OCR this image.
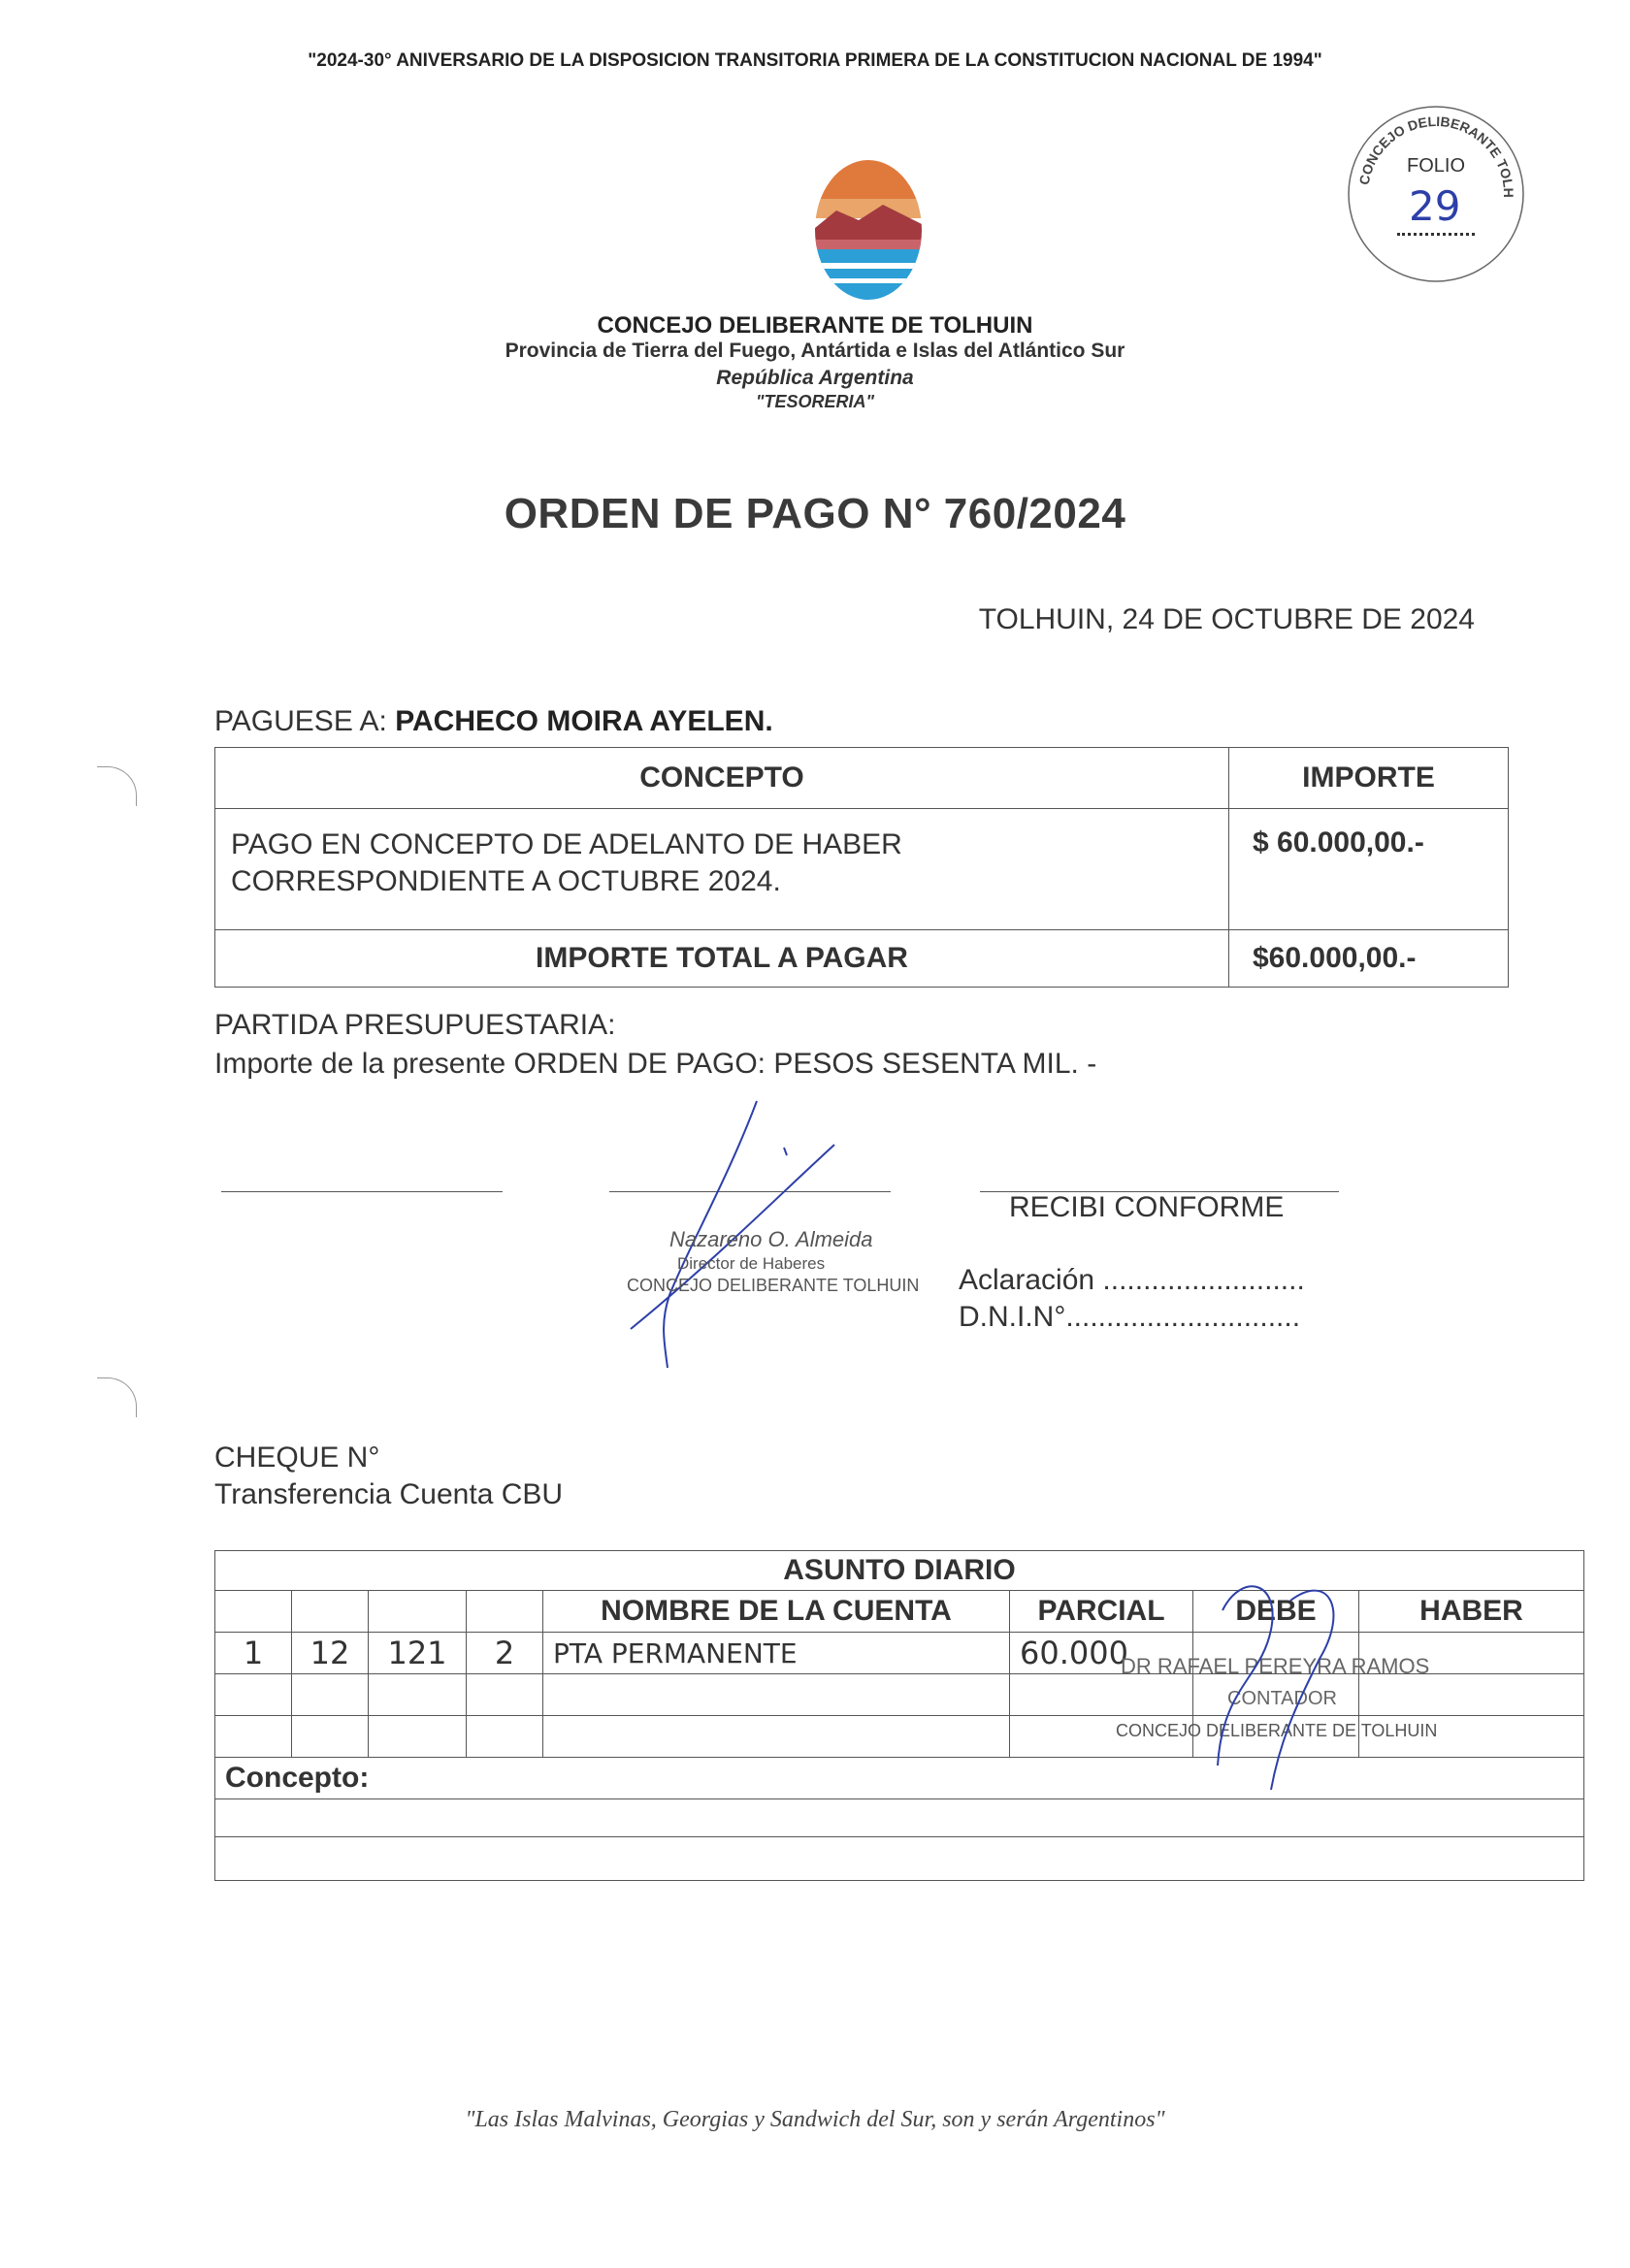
"2024-30° ANIVERSARIO DE LA DISPOSICION TRANSITORIA PRIMERA DE LA CONSTITUCION NACIONAL DE 1994"
CONCEJO DELIBERANTE TOLH
FOLIO
29
CONCEJO DELIBERANTE DE TOLHUIN
Provincia de Tierra del Fuego, Antártida e Islas del Atlántico Sur
República Argentina
"TESORERIA"
ORDEN DE PAGO N° 760/2024
TOLHUIN, 24 DE OCTUBRE DE 2024
PAGUESE A: PACHECO MOIRA AYELEN.
CONCEPTO	IMPORTE

PAGO EN CONCEPTO DE ADELANTO DE HABER
CORRESPONDIENTE A OCTUBRE 2024.	$ 60.000,00.-
IMPORTE TOTAL A PAGAR	$60.000,00.-
PARTIDA PRESUPUESTARIA:
Importe de la presente ORDEN DE PAGO: PESOS SESENTA MIL. -
Nazareno O. Almeida
Director de Haberes
CONCEJO DELIBERANTE TOLHUIN
RECIBI CONFORME
Aclaración .........................
D.N.I.N°.............................
CHEQUE N°
Transferencia Cuenta CBU
ASUNTO DIARIO							
				NOMBRE DE LA CUENTA	PARCIAL	DEBE	HABER
1	12	121	2	PTA PERMANENTE	60.000		

Concepto:							

DR RAFAEL PEREYRA RAMOS
CONTADOR
CONCEJO DELIBERANTE DE TOLHUIN
"Las Islas Malvinas, Georgias y Sandwich del Sur, son y serán Argentinos"
